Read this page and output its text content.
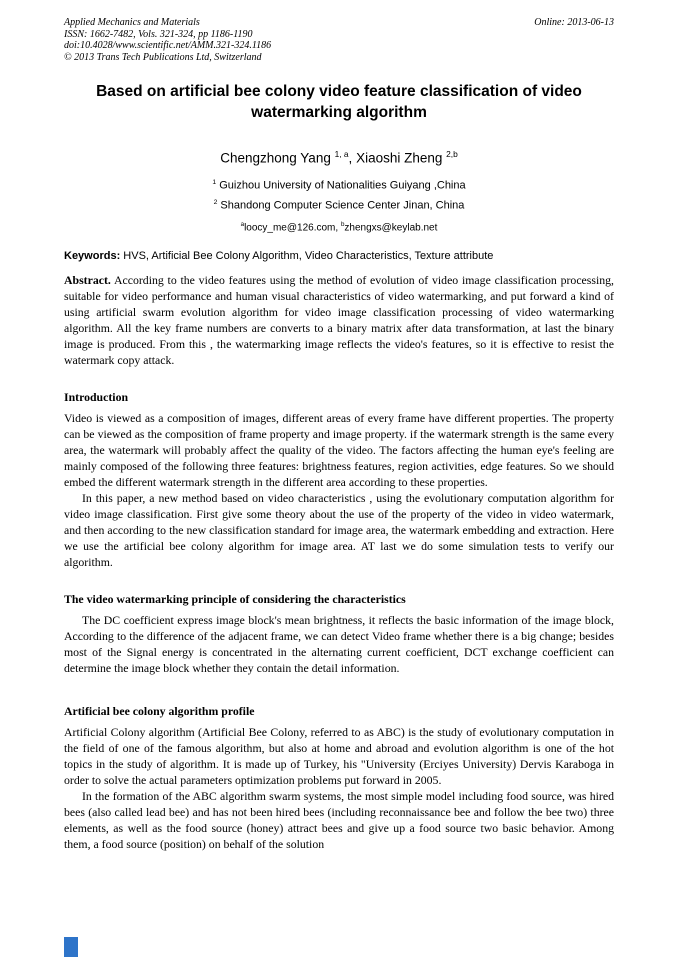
Applied Mechanics and Materials
ISSN: 1662-7482, Vols. 321-324, pp 1186-1190
doi:10.4028/www.scientific.net/AMM.321-324.1186
© 2013 Trans Tech Publications Ltd, Switzerland
Online: 2013-06-13
Based on artificial bee colony video feature classification of video watermarking algorithm
Chengzhong Yang $^{1, a}$, Xiaoshi Zheng $^{2,b}$
$^1$ Guizhou University of Nationalities Guiyang ,China
$^2$ Shandong Computer Science Center Jinan, China
$^a$loocy_me@126.com, $^b$zhengxs@keylab.net
Keywords: HVS, Artificial Bee Colony Algorithm, Video Characteristics, Texture attribute

Abstract. According to the video features using the method of evolution of video image classification processing, suitable for video performance and human visual characteristics of video watermarking, and put forward a kind of using artificial swarm evolution algorithm for video image classification processing of video watermarking algorithm. All the key frame numbers are converts to a binary matrix after data transformation, at last the binary image is produced. From this , the watermarking image reflects the video's features, so it is effective to resist the watermark copy attack.

Introduction

Video is viewed as a composition of images, different areas of every frame have different properties. The property can be viewed as the composition of frame property and image property. if the watermark strength is the same every area, the watermark will probably affect the quality of the video. The factors affecting the human eye's feeling are mainly composed of the following three features: brightness features, region activities, edge features. So we should embed the different watermark strength in the different area according to these properties.

In this paper, a new method based on video characteristics , using the evolutionary computation algorithm for video image classification. First give some theory about the use of the property of the video in video watermark, and then according to the new classification standard for image area, the watermark embedding and extraction. Here we use the artificial bee colony algorithm for image area. AT last we do some simulation tests to verify our algorithm.

The video watermarking principle of considering the characteristics

The DC coefficient express image block's mean brightness, it reflects the basic information of the image block, According to the difference of the adjacent frame, we can detect Video frame whether there is a big change; besides most of the Signal energy is concentrated in the alternating current coefficient, DCT exchange coefficient can determine the image block whether they contain the detail information.

Artificial bee colony algorithm profile

Artificial Colony algorithm (Artificial Bee Colony, referred to as ABC) is the study of evolutionary computation in the field of one of the famous algorithm, but also at home and abroad and evolution algorithm is one of the hot topics in the study of algorithm. It is made up of Turkey, his "University (Erciyes University) Dervis Karaboga in order to solve the actual parameters optimization problems put forward in 2005.

In the formation of the ABC algorithm swarm systems, the most simple model including food source, was hired bees (also called lead bee) and has not been hired bees (including reconnaissance bee and follow the bee two) three elements, as well as the food source (honey) attract bees and give up a food source two basic behavior. Among them, a food source (position) on behalf of the solution
